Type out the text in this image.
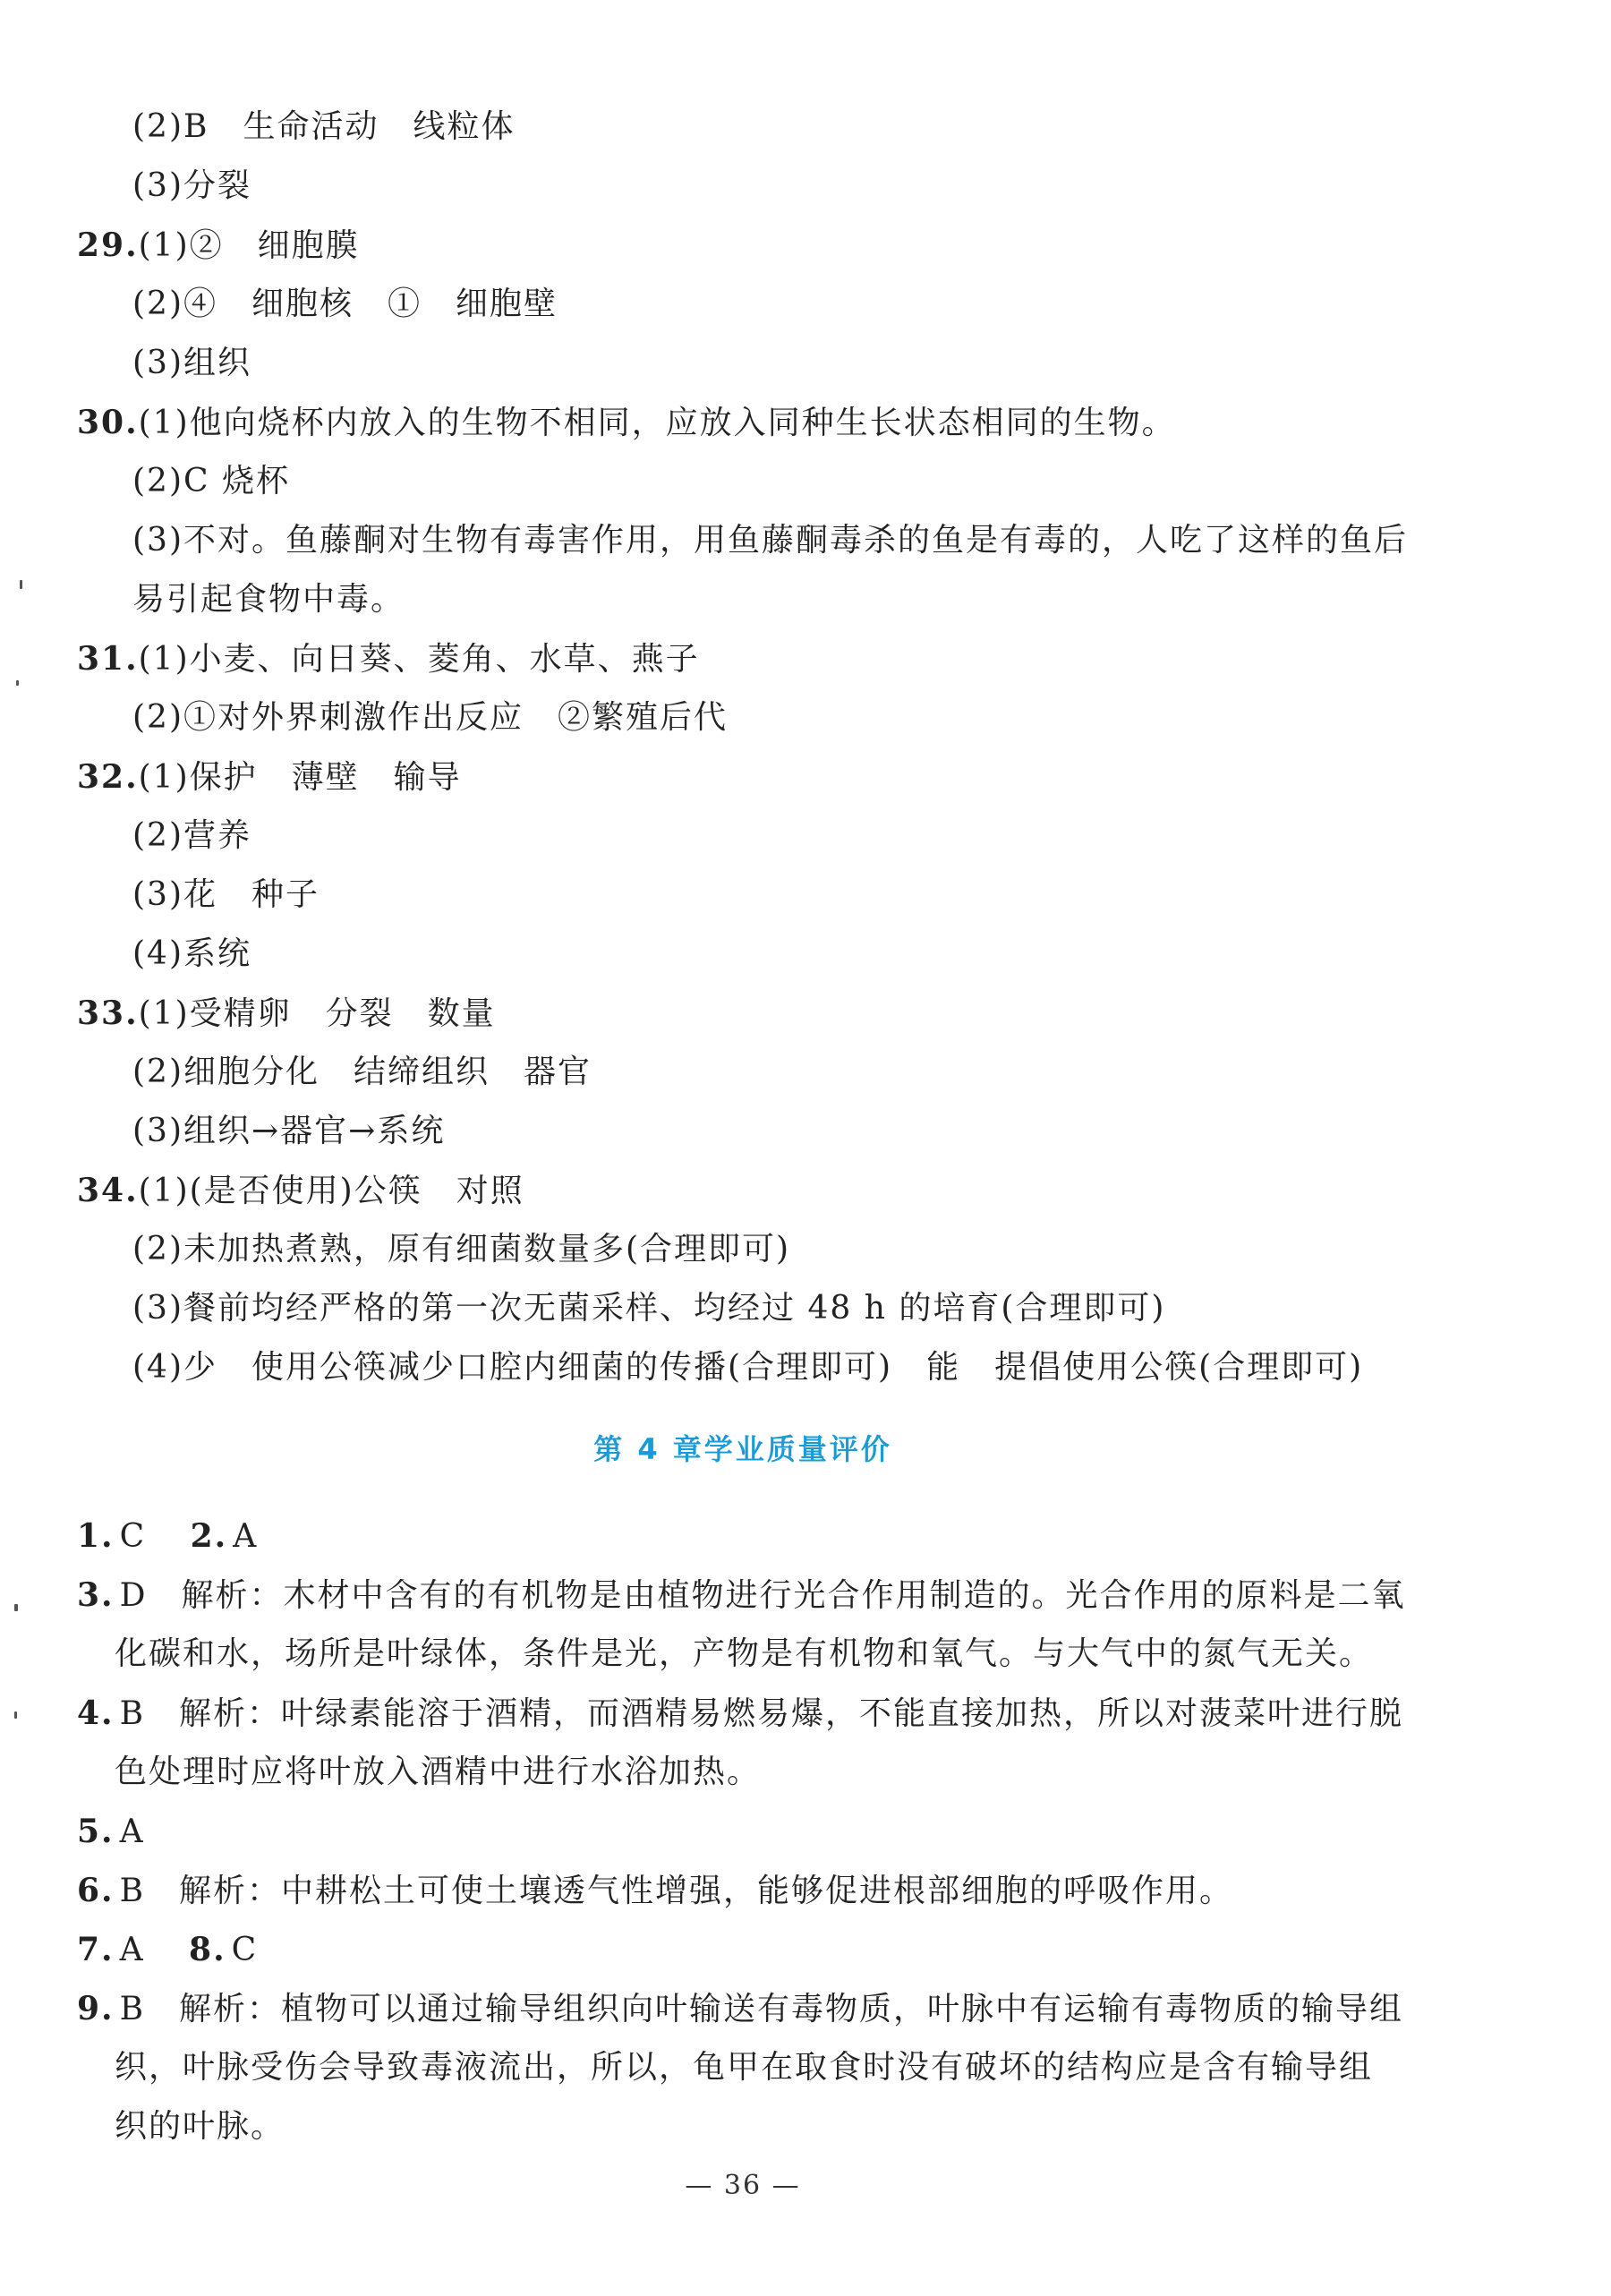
(2)B　生命活动　线粒体
(3)分裂
29.(1)②　细胞膜
(2)④　细胞核　①　细胞壁
(3)组织
30.(1)他向烧杯内放入的生物不相同，应放入同种生长状态相同的生物。
(2)C 烧杯
(3)不对。鱼藤酮对生物有毒害作用，用鱼藤酮毒杀的鱼是有毒的，人吃了这样的鱼后
易引起食物中毒。
31.(1)小麦、向日葵、菱角、水草、燕子
(2)①对外界刺激作出反应　②繁殖后代
32.(1)保护　薄壁　输导
(2)营养
(3)花　种子
(4)系统
33.(1)受精卵　分裂　数量
(2)细胞分化　结缔组织　器官
(3)组织→器官→系统
34.(1)(是否使用)公筷　对照
(2)未加热煮熟，原有细菌数量多(合理即可)
(3)餐前均经严格的第一次无菌采样、均经过 48 h 的培育(合理即可)
(4)少　使用公筷减少口腔内细菌的传播(合理即可)　能　提倡使用公筷(合理即可)
第 4 章学业质量评价
1. C 2. A
3. D　解析：木材中含有的有机物是由植物进行光合作用制造的。光合作用的原料是二氧
化碳和水，场所是叶绿体，条件是光，产物是有机物和氧气。与大气中的氮气无关。
4. B　解析：叶绿素能溶于酒精，而酒精易燃易爆，不能直接加热，所以对菠菜叶进行脱
色处理时应将叶放入酒精中进行水浴加热。
5. A
6. B　解析：中耕松土可使土壤透气性增强，能够促进根部细胞的呼吸作用。
7. A 8. C
9. B　解析：植物可以通过输导组织向叶输送有毒物质，叶脉中有运输有毒物质的输导组
织，叶脉受伤会导致毒液流出，所以，龟甲在取食时没有破坏的结构应是含有输导组
织的叶脉。
— 36 —
